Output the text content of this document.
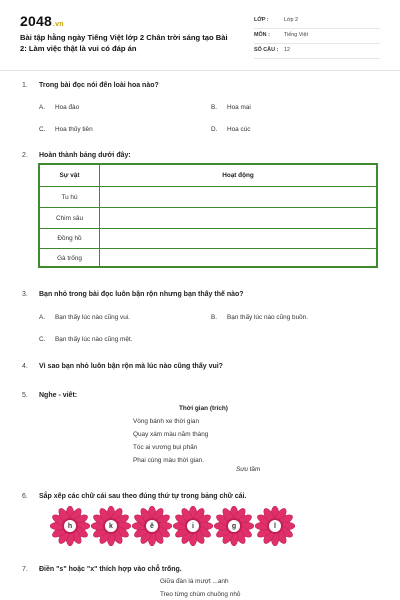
2048.vn
Bài tập hằng ngày Tiếng Việt lớp 2 Chân trời sáng tạo Bài 2: Làm việc thật là vui có đáp án
LỚP :	Lớp 2
MÔN :	Tiếng Việt
SỐ CÂU : 12
1. Trong bài đọc nói đến loài hoa nào?
A. Hoa đào	B. Hoa mai
C. Hoa thủy tiên	D. Hoa cúc
2. Hoàn thành bảng dưới đây:
Sự vật	Hoạt động
Tu hú
Chim sâu
Đồng hồ
Gà trống
3. Bạn nhỏ trong bài đọc luôn bận rộn nhưng bạn thấy thế nào?
A. Bạn thấy lúc nào cũng vui.	B. Bạn thấy lúc nào cũng buồn.
C. Bạn thấy lúc nào cũng mệt.
4. Vì sao bạn nhỏ luôn bận rộn mà lúc nào cũng thấy vui?
5. Nghe - viết:
Thời gian (trích)
Vòng bánh xe thời gian
Quay xám màu năm tháng
Tóc ai vương bụi phấn
Phai cùng màu thời gian.
Sưu tầm
6. Sắp xếp các chữ cái sau theo đúng thứ tự trong bảng chữ cái.
h	k	ê	i	g	l
7. Điền "s" hoặc "x" thích hợp vào chỗ trống.
Giữa đàn lá mượt ...anh
Treo từng chùm chuông nhỏ
